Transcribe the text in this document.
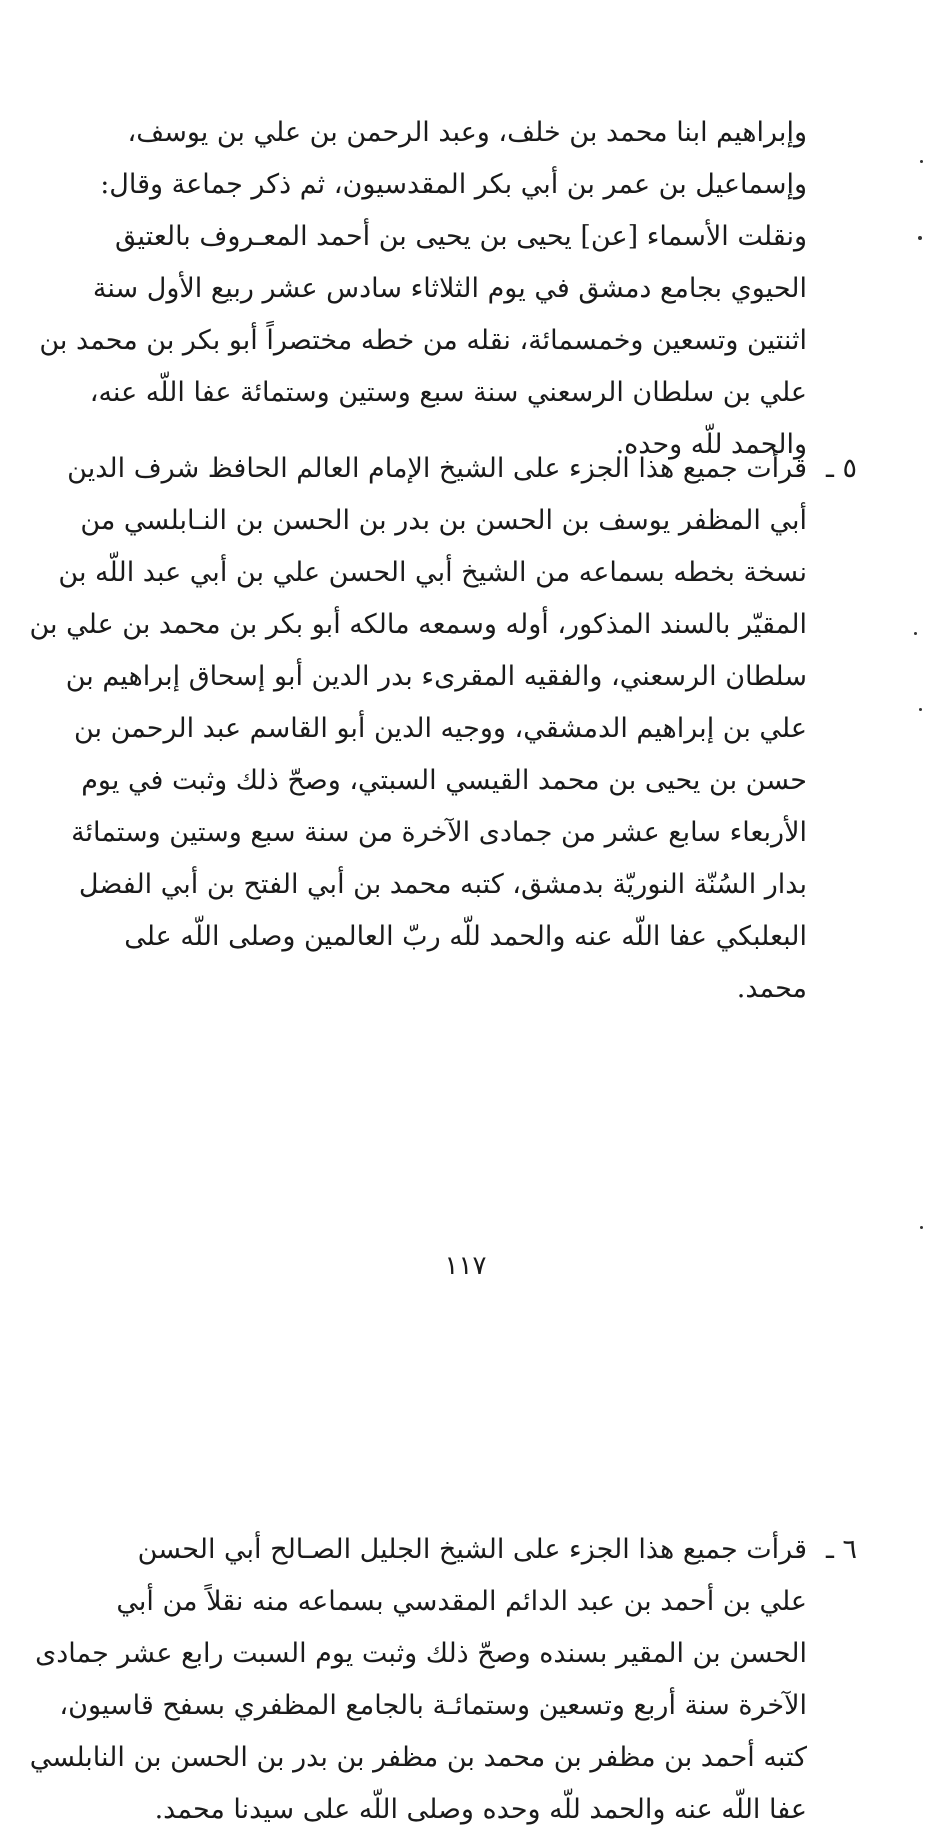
وإبراهيم ابنا محمد بن خلف، وعبد الرحمن بن علي بن يوسف،
وإسماعيل بن عمر بن أبي بكر المقدسيون، ثم ذكر جماعة وقال:
ونقلت الأسماء [عن] يحيى بن يحيى بن أحمد المعـروف بالعتيق
الحيوي بجامع دمشق في يوم الثلاثاء سادس عشر ربيع الأول سنة
اثنتين وتسعين وخمسمائة، نقله من خطه مختصراً أبو بكر بن محمد بن
علي بن سلطان الرسعني سنة سبع وستين وستمائة عفا اللّه عنه،
والحمد للّه وحده.
٥ ـ
قرأت جميع هذا الجزء على الشيخ الإمام العالم الحافظ شرف الدين
أبي المظفر يوسف بن الحسن بن بدر بن الحسن بن النـابلسي من
نسخة بخطه بسماعه من الشيخ أبي الحسن علي بن أبي عبد اللّه بن
المقيّر بالسند المذكور، أوله وسمعه مالكه أبو بكر بن محمد بن علي بن
سلطان الرسعني، والفقيه المقرىء بدر الدين أبو إسحاق إبراهيم بن
علي بن إبراهيم الدمشقي، ووجيه الدين أبو القاسم عبد الرحمن بن
حسن بن يحيى بن محمد القيسي السبتي، وصحّ ذلك وثبت في يوم
الأربعاء سابع عشر من جمادى الآخرة من سنة سبع وستين وستمائة
بدار السُنّة النوريّة بدمشق، كتبه محمد بن أبي الفتح بن أبي الفضل
البعلبكي عفا اللّه عنه والحمد للّه ربّ العالمين وصلى اللّه على
محمد.
٦ ـ
قرأت جميع هذا الجزء على الشيخ الجليل الصـالح أبي الحسن
علي بن أحمد بن عبد الدائم المقدسي بسماعه منه نقلاً من أبي
الحسن بن المقير بسنده وصحّ ذلك وثبت يوم السبت رابع عشر جمادى
الآخرة سنة أربع وتسعين وستمائـة بالجامع المظفري بسفح قاسيون،
كتبه أحمد بن مظفر بن محمد بن مظفر بن بدر بن الحسن بن النابلسي
عفا اللّه عنه والحمد للّه وحده وصلى اللّه على سيدنا محمد.
١١٧
